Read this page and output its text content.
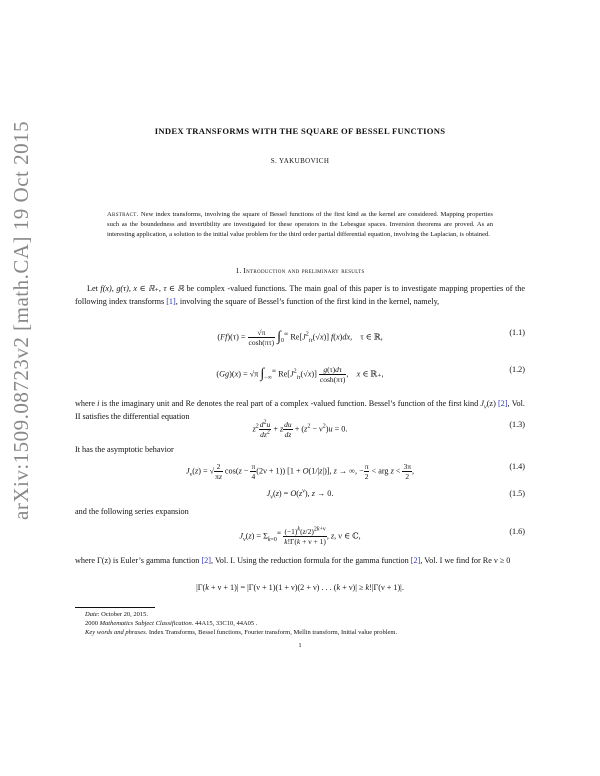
arXiv:1509.08723v2 [math.CA] 19 Oct 2015	INDEX TRANSFORMS WITH THE SQUARE OF BESSEL FUNCTIONS
S. YAKUBOVICH
Abstract. New index transforms, involving the square of Bessel functions of the first kind as the kernel are considered. Mapping properties such as the boundedness and invertibility are investigated for these operators in the Lebesgue spaces. Inversion theorems are proved. As an interesting application, a solution to the initial value problem for the third order partial differential equation, involving the Laplacian, is obtained.
1. Introduction and preliminary results
Let f(x), g(τ), x ∈ ℝ₊, τ ∈ ℝ be complex -valued functions. The main goal of this paper is to investigate mapping properties of the following index transforms [1], involving the square of Bessel’s function of the first kind in the kernel, namely,
$(Ff)(\tau) = \frac{√\pi}{\cosh(\pi\tau)} \int_0^\infty$ $Re[J^2_{i\tau}(√x)]$ f(x)dx,    τ ∈ ℝ,	(1.1)
(Gg)(x) = √π $\int_{-\infty}^\infty$ $Re[J^2_{i\tau}(√x)] \frac{g(\tau)d\tau}{\cosh(\pi\tau)}$ ,    x ∈ ℝ₊,	(1.2)
where i is the imaginary unit and Re denotes the real part of a complex -valued function. Bessel’s function of the first kind $J_\nu(z)$ [2], Vol. II satisfies the differential equation
$z^2 \frac{d^2u}{dz^2} + z \frac{du}{dz} + (z^2 - \nu^2)u = 0$.	(1.3)
It has the asymptotic behavior
$J_\nu(z)$ = √ $\frac{2}{\pi z} \cos(z - \frac{\pi}{4} (2\nu + 1)) [1 + O(1/|z|)]$, z → ∞, − $\frac{\pi}{2}$ < arg $z < \frac{3\pi}{2}$ ,	(1.4)
$J_\nu(z) = O(z^\nu)$, z → 0.	(1.5)
and the following series expansion
$J_\nu(z) = \Sigma_{k=0}^\infty \frac{(-1)^k(z/2)^{2k+\nu}}{k!\Gamma(k + \nu + 1)}$ , z, ν ∈ ℂ,	(1.6)
where Γ(z) is Euler’s gamma function [2], Vol. I. Using the reduction formula for the gamma function [2], Vol. I we find for Re ν ≥ 0
|Γ(k + ν + 1)| = |Γ(ν + 1)(1 + ν)(2 + ν) . . . (k + ν)| ≥ k!|Γ(ν + 1)|.
Date: October 20, 2015.
2000 Mathematics Subject Classification. 44A15, 33C10, 44A05 .
Key words and phrases. Index Transforms, Bessel functions, Fourier transform, Mellin transform, Initial value problem.
1
